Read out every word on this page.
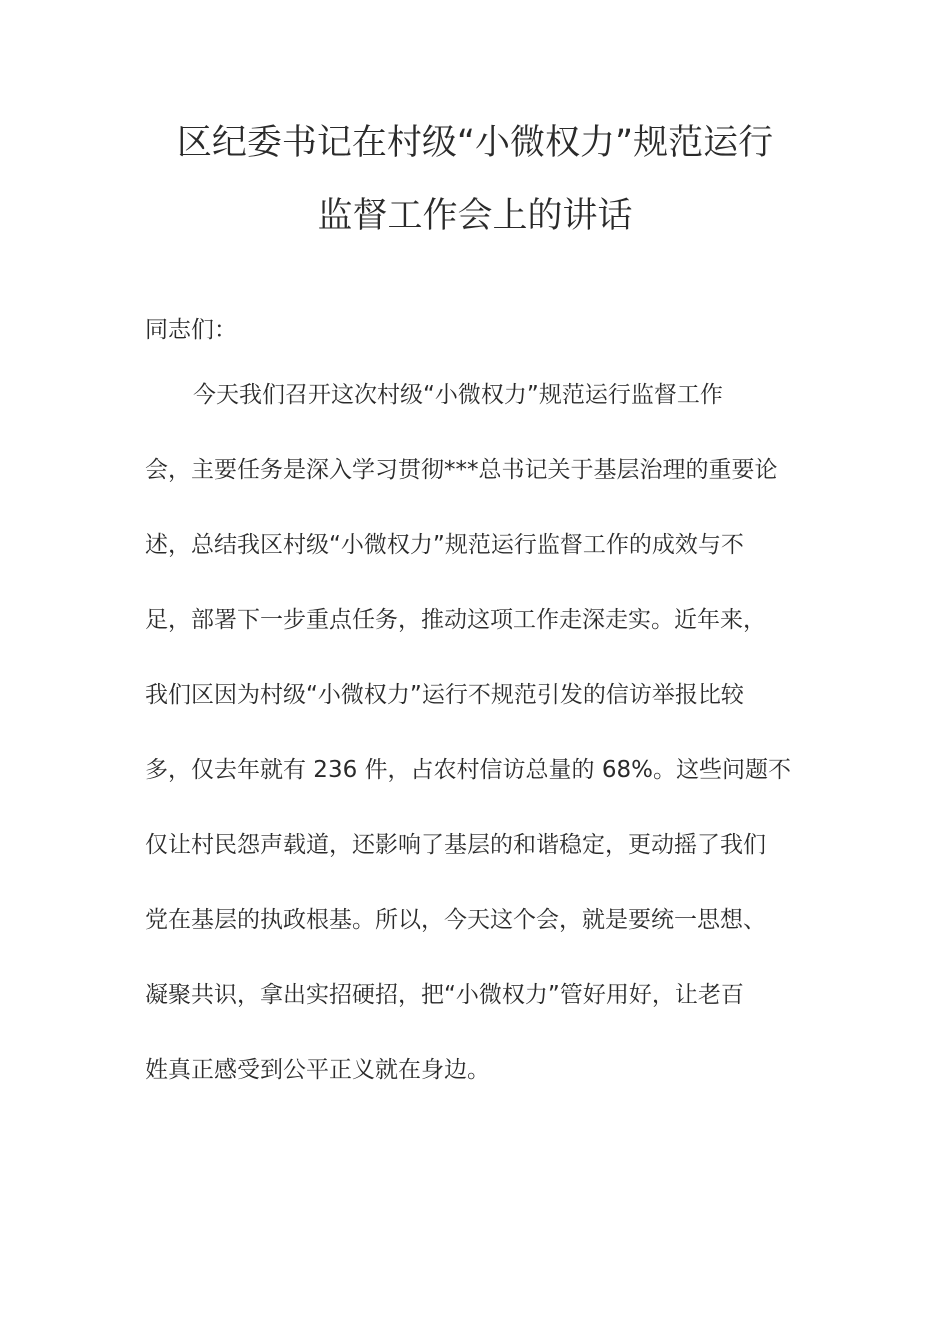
区纪委书记在村级“小微权力”规范运行
监督工作会上的讲话
同志们：
今天我们召开这次村级“小微权力”规范运行监督工作
会，主要任务是深入学习贯彻***总书记关于基层治理的重要论
述，总结我区村级“小微权力”规范运行监督工作的成效与不
足，部署下一步重点任务，推动这项工作走深走实。近年来，
我们区因为村级“小微权力”运行不规范引发的信访举报比较
多，仅去年就有 236 件，占农村信访总量的 68%。这些问题不
仅让村民怨声载道，还影响了基层的和谐稳定，更动摇了我们
党在基层的执政根基。所以，今天这个会，就是要统一思想、
凝聚共识，拿出实招硬招，把“小微权力”管好用好，让老百
姓真正感受到公平正义就在身边。
